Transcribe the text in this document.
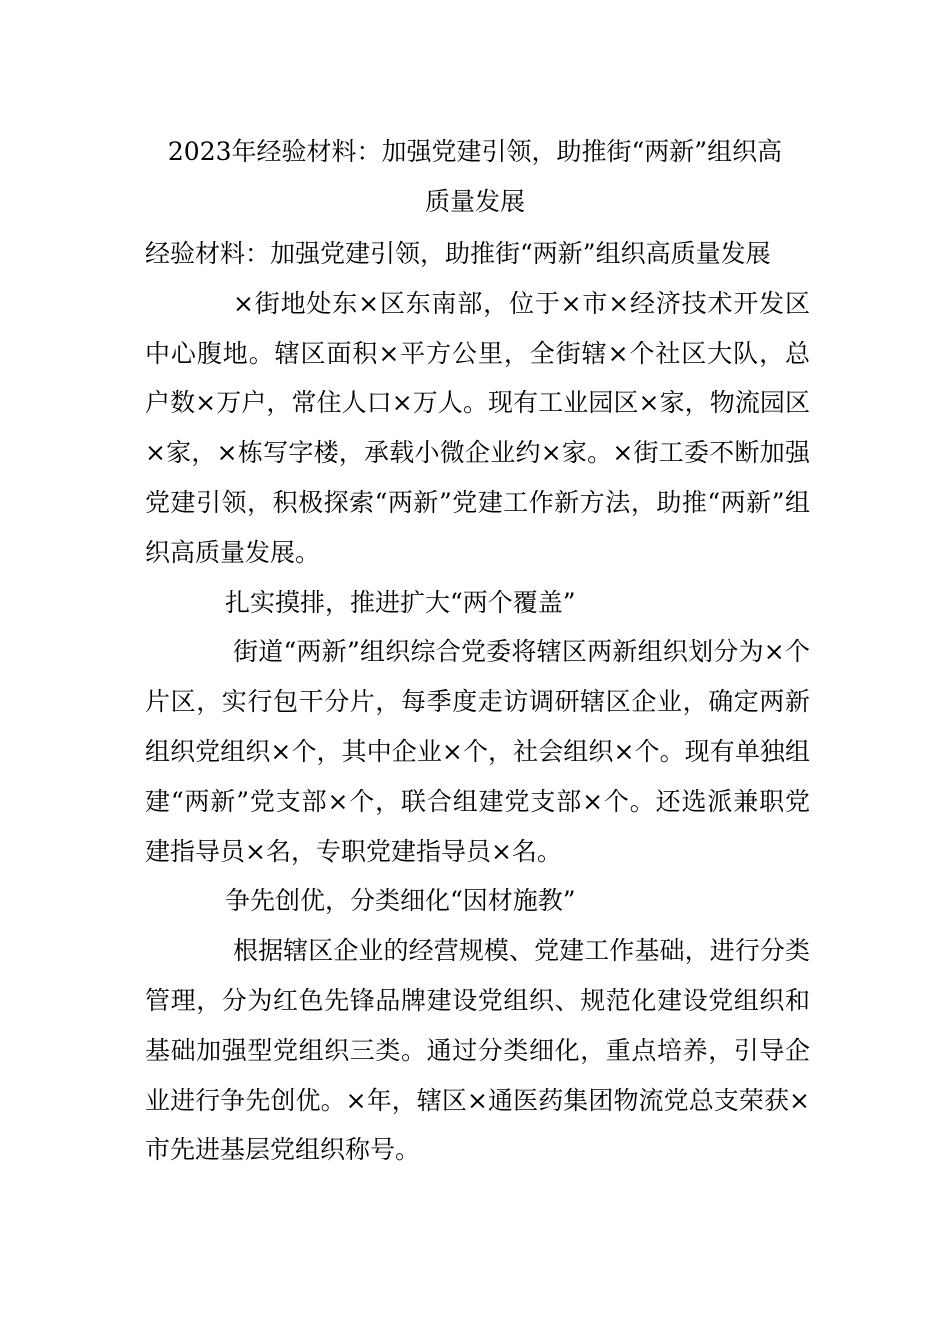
2023年经验材料：加强党建引领，助推街“两新”组织高
质量发展

经验材料：加强党建引领，助推街“两新”组织高质量发展

×街地处东×区东南部，位于×市×经济技术开发区中心腹地。辖区面积×平方公里，全街辖×个社区大队，总户数×万户，常住人口×万人。现有工业园区×家，物流园区×家，×栋写字楼，承载小微企业约×家。×街工委不断加强党建引领，积极探索“两新”党建工作新方法，助推“两新”组织高质量发展。

扎实摸排，推进扩大“两个覆盖”

街道“两新”组织综合党委将辖区两新组织划分为×个片区，实行包干分片，每季度走访调研辖区企业，确定两新组织党组织×个，其中企业×个，社会组织×个。现有单独组建“两新”党支部×个，联合组建党支部×个。还选派兼职党建指导员×名，专职党建指导员×名。

争先创优，分类细化“因材施教”

根据辖区企业的经营规模、党建工作基础，进行分类管理，分为红色先锋品牌建设党组织、规范化建设党组织和基础加强型党组织三类。通过分类细化，重点培养，引导企业进行争先创优。×年，辖区×通医药集团物流党总支荣获×市先进基层党组织称号。
